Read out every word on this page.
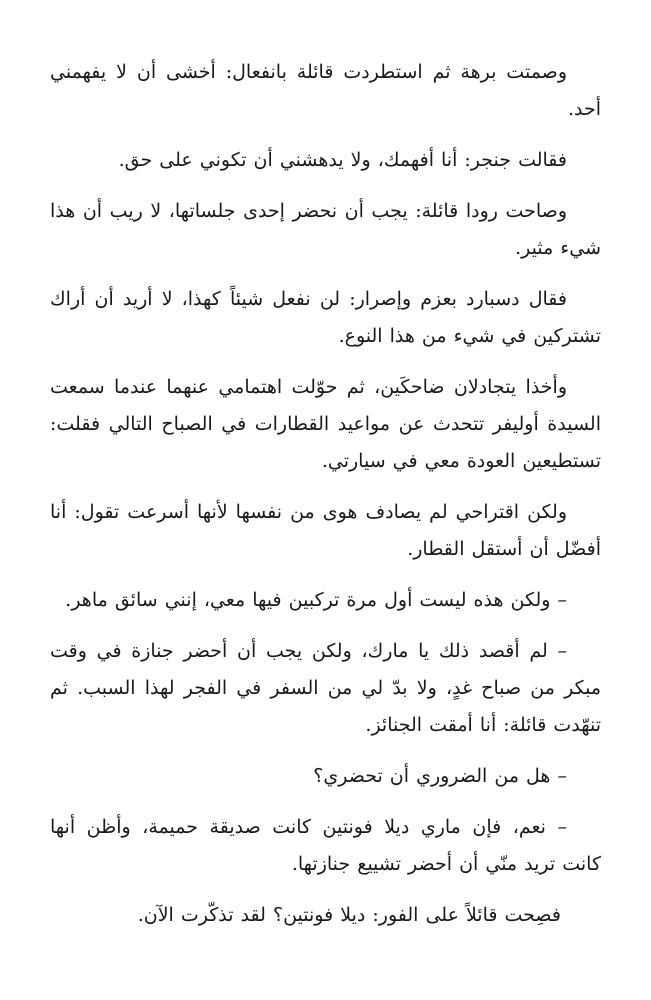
وصمتت برهة ثم استطردت قائلة بانفعال: أخشى أن لا يفهمني أحد.

فقالت جنجر: أنا أفهمك، ولا يدهشني أن تكوني على حق.

وصاحت رودا قائلة: يجب أن نحضر إحدى جلساتها، لا ريب أن هذا شيء مثير.

فقال دسبارد بعزم وإصرار: لن نفعل شيئاً كهذا، لا أريد أن أراك تشتركين في شيء من هذا النوع.

وأخذا يتجادلان ضاحكَين، ثم حوّلت اهتمامي عنهما عندما سمعت السيدة أوليفر تتحدث عن مواعيد القطارات في الصباح التالي فقلت: تستطيعين العودة معي في سيارتي.

ولكن اقتراحي لم يصادف هوى من نفسها لأنها أسرعت تقول: أنا أفضّل أن أستقل القطار.

– ولكن هذه ليست أول مرة تركبين فيها معي، إنني سائق ماهر.

– لم أقصد ذلك يا مارك، ولكن يجب أن أحضر جنازة في وقت مبكر من صباح غدٍ، ولا بدّ لي من السفر في الفجر لهذا السبب. ثم تنهّدت قائلة: أنا أمقت الجنائز.

– هل من الضروري أن تحضري؟

– نعم، فإن ماري ديلا فونتين كانت صديقة حميمة، وأظن أنها كانت تريد منّي أن أحضر تشييع جنازتها.

فصِحت قائلاً على الفور: ديلا فونتين؟ لقد تذكّرت الآن.
